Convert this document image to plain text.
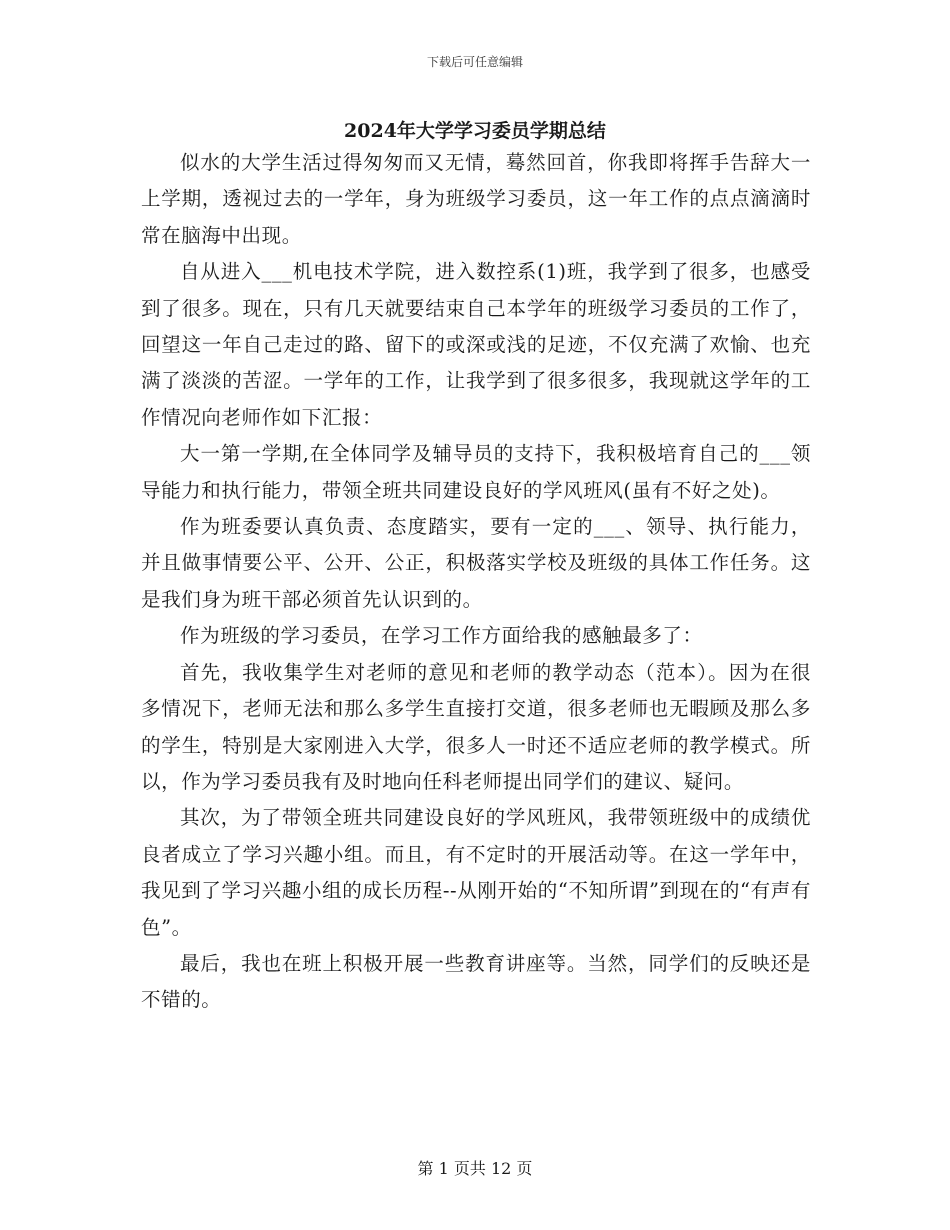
下载后可任意编辑
2024年大学学习委员学期总结

似水的大学生活过得匆匆而又无情，蓦然回首，你我即将挥手告辞大一上学期，透视过去的一学年，身为班级学习委员，这一年工作的点点滴滴时常在脑海中出现。

自从进入___机电技术学院，进入数控系(1)班，我学到了很多，也感受到了很多。现在，只有几天就要结束自己本学年的班级学习委员的工作了，回望这一年自己走过的路、留下的或深或浅的足迹，不仅充满了欢愉、也充满了淡淡的苦涩。一学年的工作，让我学到了很多很多，我现就这学年的工作情况向老师作如下汇报：

大一第一学期,在全体同学及辅导员的支持下，我积极培育自己的___领导能力和执行能力，带领全班共同建设良好的学风班风(虽有不好之处)。

作为班委要认真负责、态度踏实，要有一定的___、领导、执行能力，并且做事情要公平、公开、公正，积极落实学校及班级的具体工作任务。这是我们身为班干部必须首先认识到的。

作为班级的学习委员，在学习工作方面给我的感触最多了：

首先，我收集学生对老师的意见和老师的教学动态（范本）。因为在很多情况下，老师无法和那么多学生直接打交道，很多老师也无暇顾及那么多的学生，特别是大家刚进入大学，很多人一时还不适应老师的教学模式。所以，作为学习委员我有及时地向任科老师提出同学们的建议、疑问。

其次，为了带领全班共同建设良好的学风班风，我带领班级中的成绩优良者成立了学习兴趣小组。而且，有不定时的开展活动等。在这一学年中，我见到了学习兴趣小组的成长历程--从刚开始的“不知所谓”到现在的“有声有色”。

最后，我也在班上积极开展一些教育讲座等。当然，同学们的反映还是不错的。

第 1 页共 12 页
